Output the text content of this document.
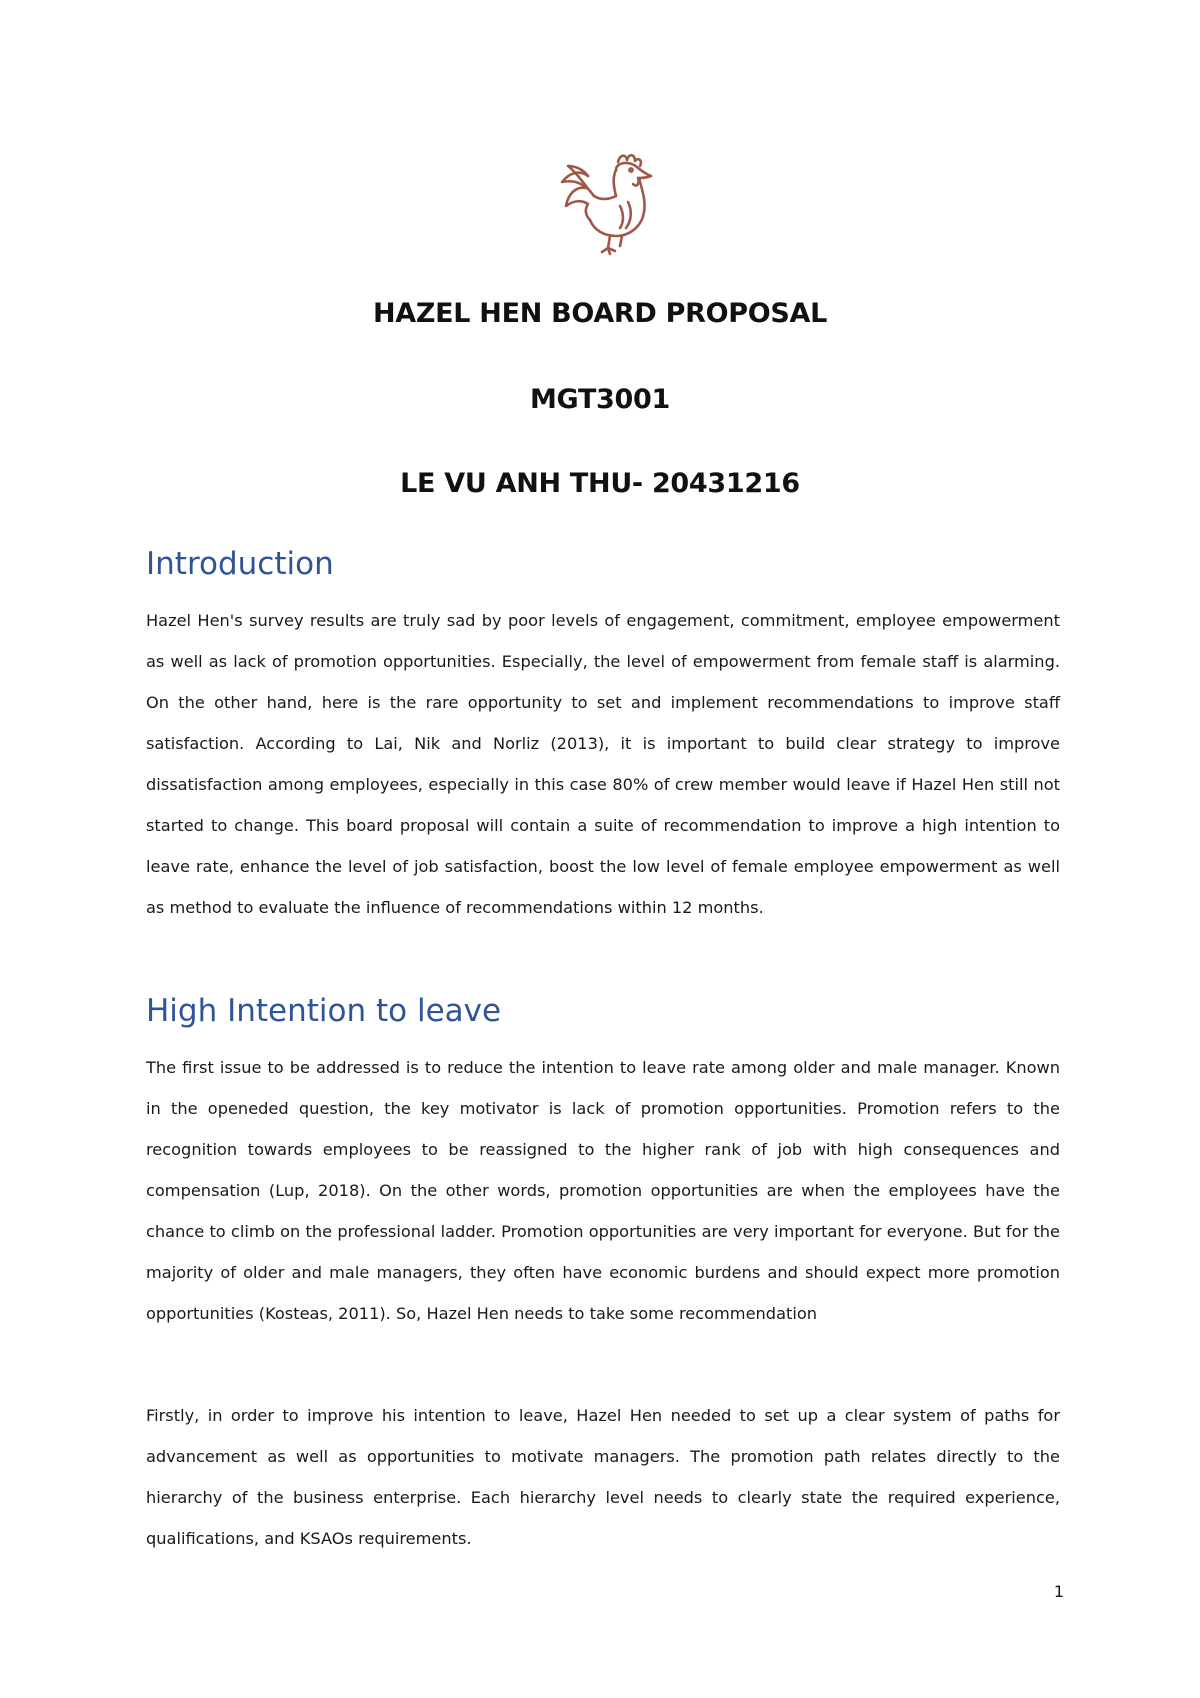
HAZEL HEN BOARD PROPOSAL
MGT3001
LE VU ANH THU- 20431216
Introduction

Hazel Hen's survey results are truly sad by poor levels of engagement, commitment, employee empowerment as well as lack of promotion opportunities. Especially, the level of empowerment from female staff is alarming. On the other hand, here is the rare opportunity to set and implement recommendations to improve staff satisfaction. According to Lai, Nik and Norliz (2013), it is important to build clear strategy to improve dissatisfaction among employees, especially in this case 80% of crew member would leave if Hazel Hen still not started to change. This board proposal will contain a suite of recommendation to improve a high intention to leave rate, enhance the level of job satisfaction, boost the low level of female employee empowerment as well as method to evaluate the influence of recommendations within 12 months.

High Intention to leave

The first issue to be addressed is to reduce the intention to leave rate among older and male manager. Known in the openeded question, the key motivator is lack of promotion opportunities. Promotion refers to the recognition towards employees to be reassigned to the higher rank of job with high consequences and compensation (Lup, 2018). On the other words, promotion opportunities are when the employees have the chance to climb on the professional ladder. Promotion opportunities are very important for everyone. But for the majority of older and male managers, they often have economic burdens and should expect more promotion opportunities (Kosteas, 2011). So, Hazel Hen needs to take some recommendation

Firstly, in order to improve his intention to leave, Hazel Hen needed to set up a clear system of paths for advancement as well as opportunities to motivate managers. The promotion path relates directly to the hierarchy of the business enterprise. Each hierarchy level needs to clearly state the required experience, qualifications, and KSAOs requirements.

1
